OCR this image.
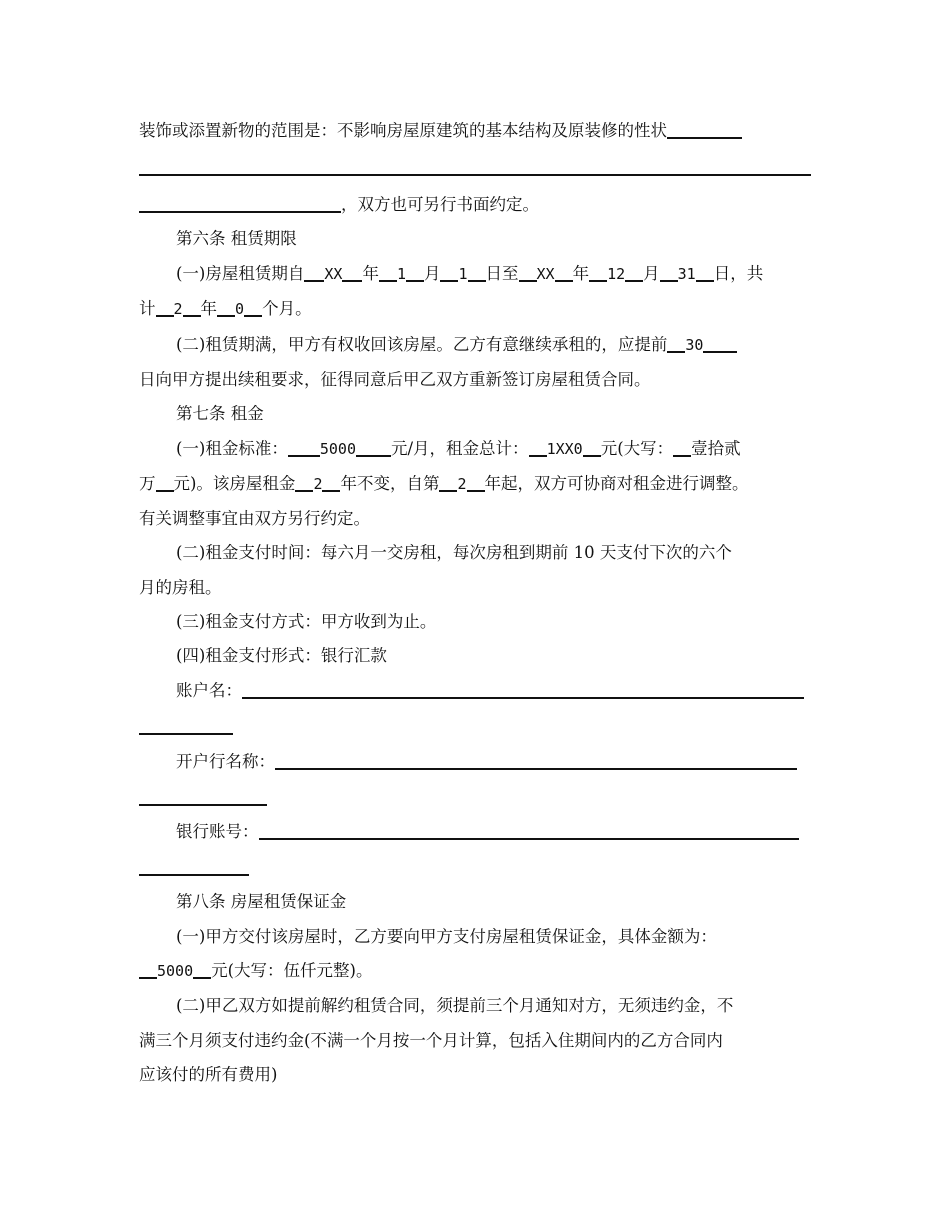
装饰或添置新物的范围是：不影响房屋原建筑的基本结构及原装修的性状
，双方也可另行书面约定。
第六条 租赁期限
(一)房屋租赁期自 XX 年 1 月 1 日至 XX 年 12 月 31 日，共
计 2 年 0 个月。
(二)租赁期满，甲方有权收回该房屋。乙方有意继续承租的，应提前 30
日向甲方提出续租要求，征得同意后甲乙双方重新签订房屋租赁合同。
第七条 租金
(一)租金标准： 5000 元/月，租金总计： 1XX0 元(大写： 壹拾贰
万 元)。该房屋租金 2 年不变，自第 2 年起，双方可协商对租金进行调整。
有关调整事宜由双方另行约定。
(二)租金支付时间：每六月一交房租，每次房租到期前 10 天支付下次的六个
月的房租。
(三)租金支付方式：甲方收到为止。
(四)租金支付形式：银行汇款
账户名：
开户行名称：
银行账号：
第八条 房屋租赁保证金
(一)甲方交付该房屋时，乙方要向甲方支付房屋租赁保证金，具体金额为：
5000 元(大写：伍仟元整)。
(二)甲乙双方如提前解约租赁合同，须提前三个月通知对方，无须违约金，不
满三个月须支付违约金(不满一个月按一个月计算，包括入住期间内的乙方合同内
应该付的所有费用)
